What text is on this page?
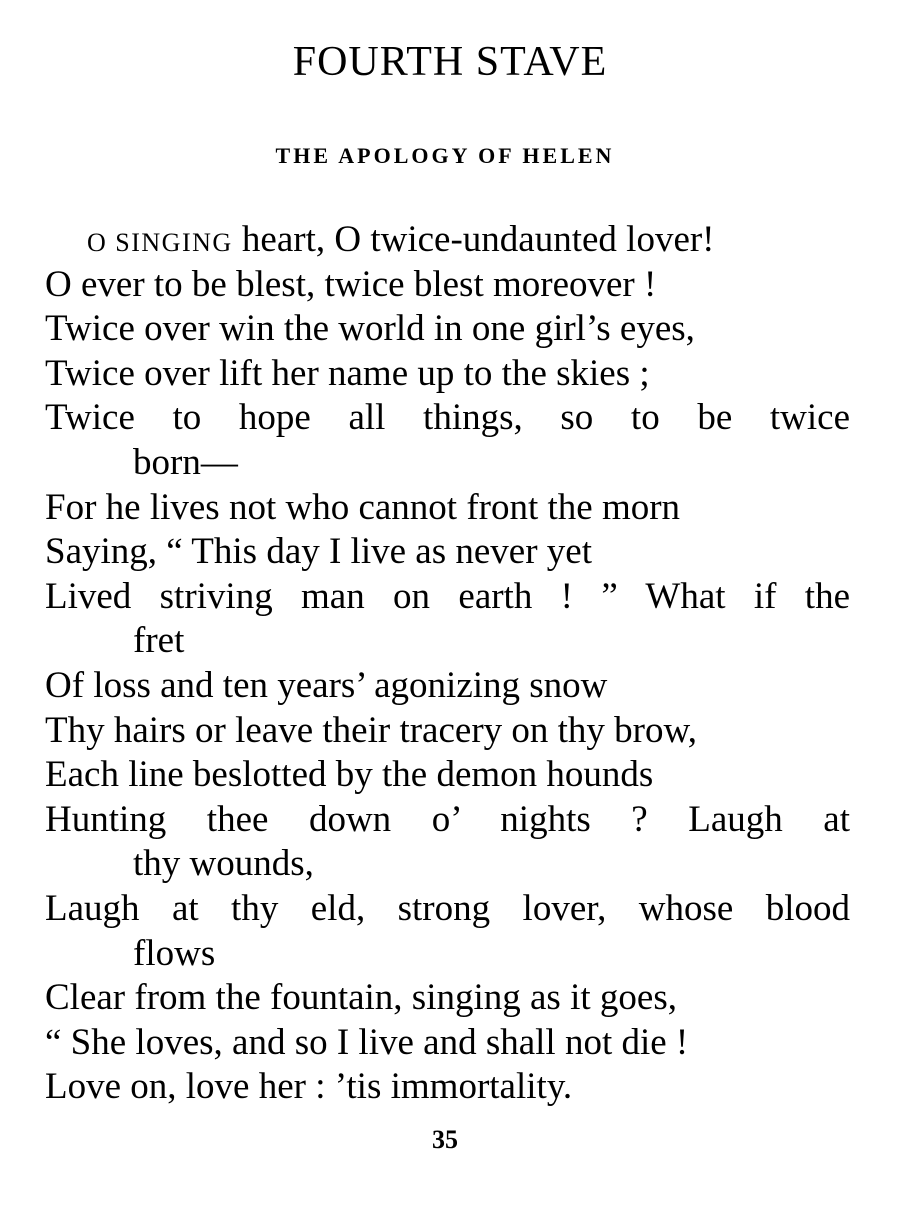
FOURTH STAVE
THE APOLOGY OF HELEN
O SINGING heart, O twice-undaunted lover!
O ever to be blest, twice blest moreover !
Twice over win the world in one girl’s eyes,
Twice over lift her name up to the skies ;
Twice to hope all things, so to be twice
born—
For he lives not who cannot front the morn
Saying, “ This day I live as never yet
Lived striving man on earth ! ” What if the
fret
Of loss and ten years’ agonizing snow
Thy hairs or leave their tracery on thy brow,
Each line beslotted by the demon hounds
Hunting thee down o’ nights ? Laugh at
thy wounds,
Laugh at thy eld, strong lover, whose blood
flows
Clear from the fountain, singing as it goes,
“ She loves, and so I live and shall not die !
Love on, love her : ’tis immortality.
35
